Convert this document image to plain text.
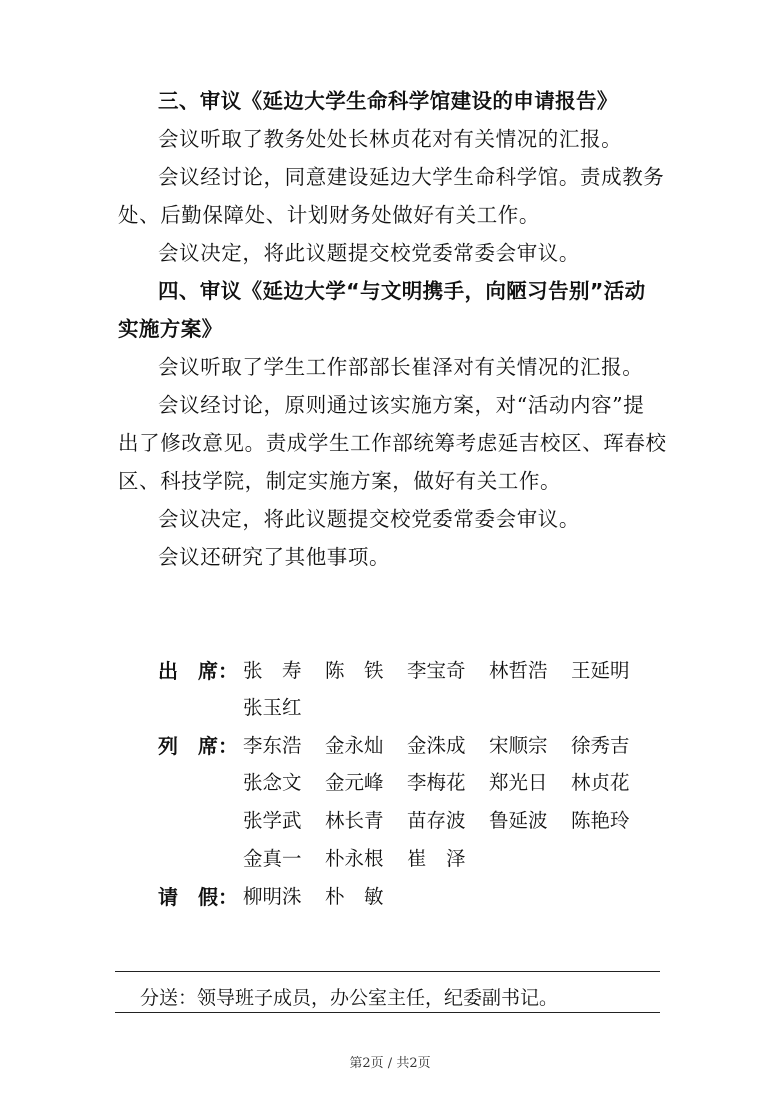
三、审议《延边大学生命科学馆建设的申请报告》

会议听取了教务处处长林贞花对有关情况的汇报。

会议经讨论，同意建设延边大学生命科学馆。责成教务

处、后勤保障处、计划财务处做好有关工作。

会议决定，将此议题提交校党委常委会审议。

四、审议《延边大学“与文明携手，向陋习告别”活动

实施方案》

会议听取了学生工作部部长崔泽对有关情况的汇报。

会议经讨论，原则通过该实施方案，对“活动内容”提

出了修改意见。责成学生工作部统筹考虑延吉校区、珲春校

区、科技学院，制定实施方案，做好有关工作。

会议决定，将此议题提交校党委常委会审议。

会议还研究了其他事项。

出　席： 张　寿 陈　铁 李宝奇 林哲浩 王延明
张玉红
列　席： 李东浩 金永灿 金洙成 宋顺宗 徐秀吉
张念文 金元峰 李梅花 郑光日 林贞花
张学武 林长青 苗存波 鲁延波 陈艳玲
金真一 朴永根 崔　泽
请　假： 柳明洙 朴　敏
分送：领导班子成员，办公室主任，纪委副书记。
第2页 / 共2页
